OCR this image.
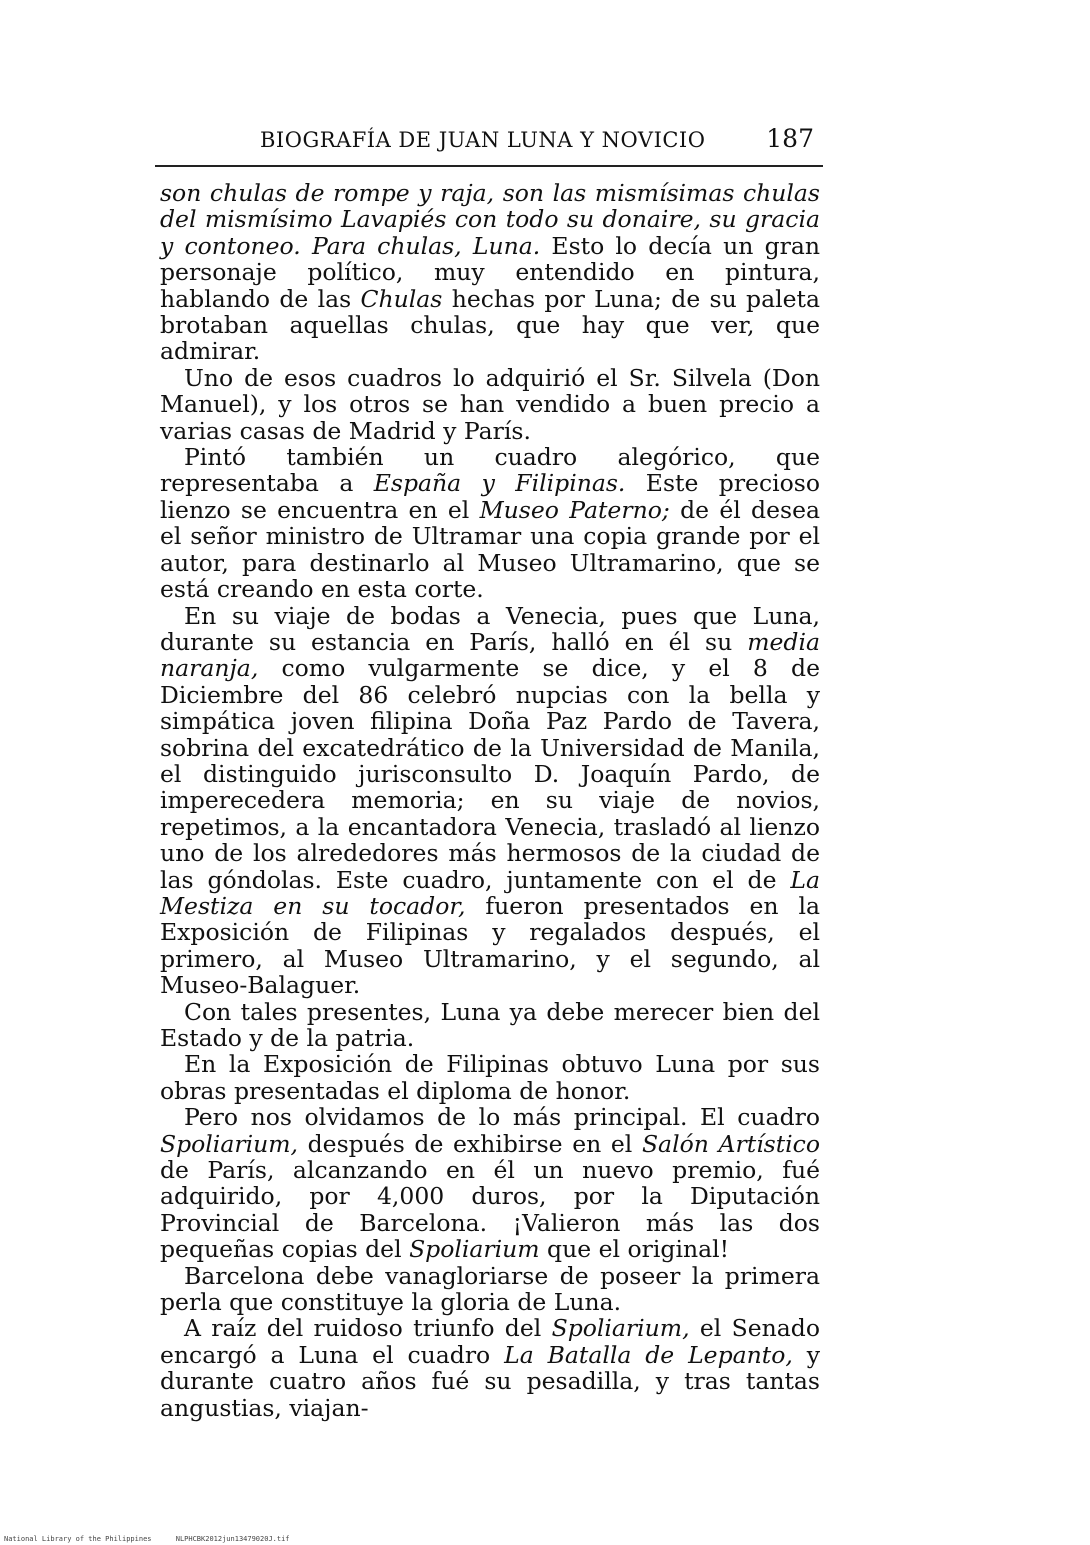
BIOGRAFÍA DE JUAN LUNA Y NOVICIO 187

son chulas de rompe y raja, son las mismísimas chulas del mismísimo Lavapiés con todo su donaire, su gracia y contoneo. Para chulas, Luna. Esto lo decía un gran personaje político, muy entendido en pintura, hablando de las Chulas hechas por Luna; de su paleta brotaban aquellas chulas, que hay que ver, que admirar.

Uno de esos cuadros lo adquirió el Sr. Silvela (Don Manuel), y los otros se han vendido a buen precio a varias casas de Madrid y París.

Pintó también un cuadro alegórico, que representaba a España y Filipinas. Este precioso lienzo se encuentra en el Museo Paterno; de él desea el señor ministro de Ultramar una copia grande por el autor, para destinarlo al Museo Ultramarino, que se está creando en esta corte.

En su viaje de bodas a Venecia, pues que Luna, durante su estancia en París, halló en él su media naranja, como vulgarmente se dice, y el 8 de Diciembre del 86 celebró nupcias con la bella y simpática joven filipina Doña Paz Pardo de Tavera, sobrina del excatedrático de la Universidad de Manila, el distinguido jurisconsulto D. Joaquín Pardo, de imperecedera memoria; en su viaje de novios, repetimos, a la encantadora Venecia, trasladó al lienzo uno de los alrededores más hermosos de la ciudad de las góndolas. Este cuadro, juntamente con el de La Mestiza en su tocador, fueron presentados en la Exposición de Filipinas y regalados después, el primero, al Museo Ultramarino, y el segundo, al Museo-Balaguer.

Con tales presentes, Luna ya debe merecer bien del Estado y de la patria.

En la Exposición de Filipinas obtuvo Luna por sus obras presentadas el diploma de honor.

Pero nos olvidamos de lo más principal. El cuadro Spoliarium, después de exhibirse en el Salón Artístico de París, alcanzando en él un nuevo premio, fué adquirido, por 4,000 duros, por la Diputación Provincial de Barcelona. ¡Valieron más las dos pequeñas copias del Spoliarium que el original!

Barcelona debe vanagloriarse de poseer la primera perla que constituye la gloria de Luna.

A raíz del ruidoso triunfo del Spoliarium, el Senado encargó a Luna el cuadro La Batalla de Lepanto, y durante cuatro años fué su pesadilla, y tras tantas angustias, viajan-

National Library of the Philippines	NLPHCBK2012jun13479020J.tif
